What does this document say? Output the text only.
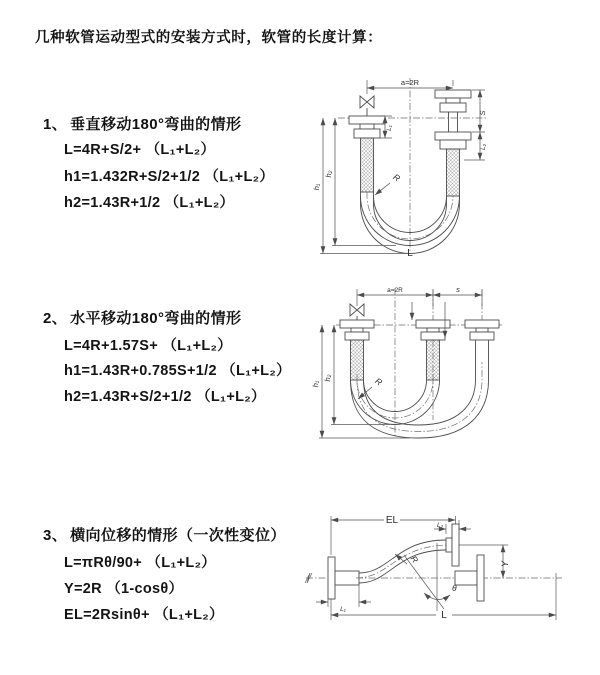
几种软管运动型式的安装方式时，软管的长度计算：
1、 垂直移动180°弯曲的情形
L=4R+S/2+ （L₁+L₂）
h1=1.432R+S/2+1/2 （L₁+L₂）
h2=1.43R+1/2 （L₁+L₂）
2、 水平移动180°弯曲的情形
L=4R+1.57S+ （L₁+L₂）
h1=1.43R+0.785S+1/2 （L₁+L₂）
h2=1.43R+S/2+1/2 （L₁+L₂）
3、 横向位移的情形（一次性变位）
L=πRθ/90+ （L₁+L₂）
Y=2R （1-cosθ）
EL=2Rsinθ+ （L₁+L₂）
a=2R
h₁
h₂
L₁
S
L₂
R
L
a=2R	s
h₁
h₂	R
EL	L₂
Y
θ
R
L₁
L
